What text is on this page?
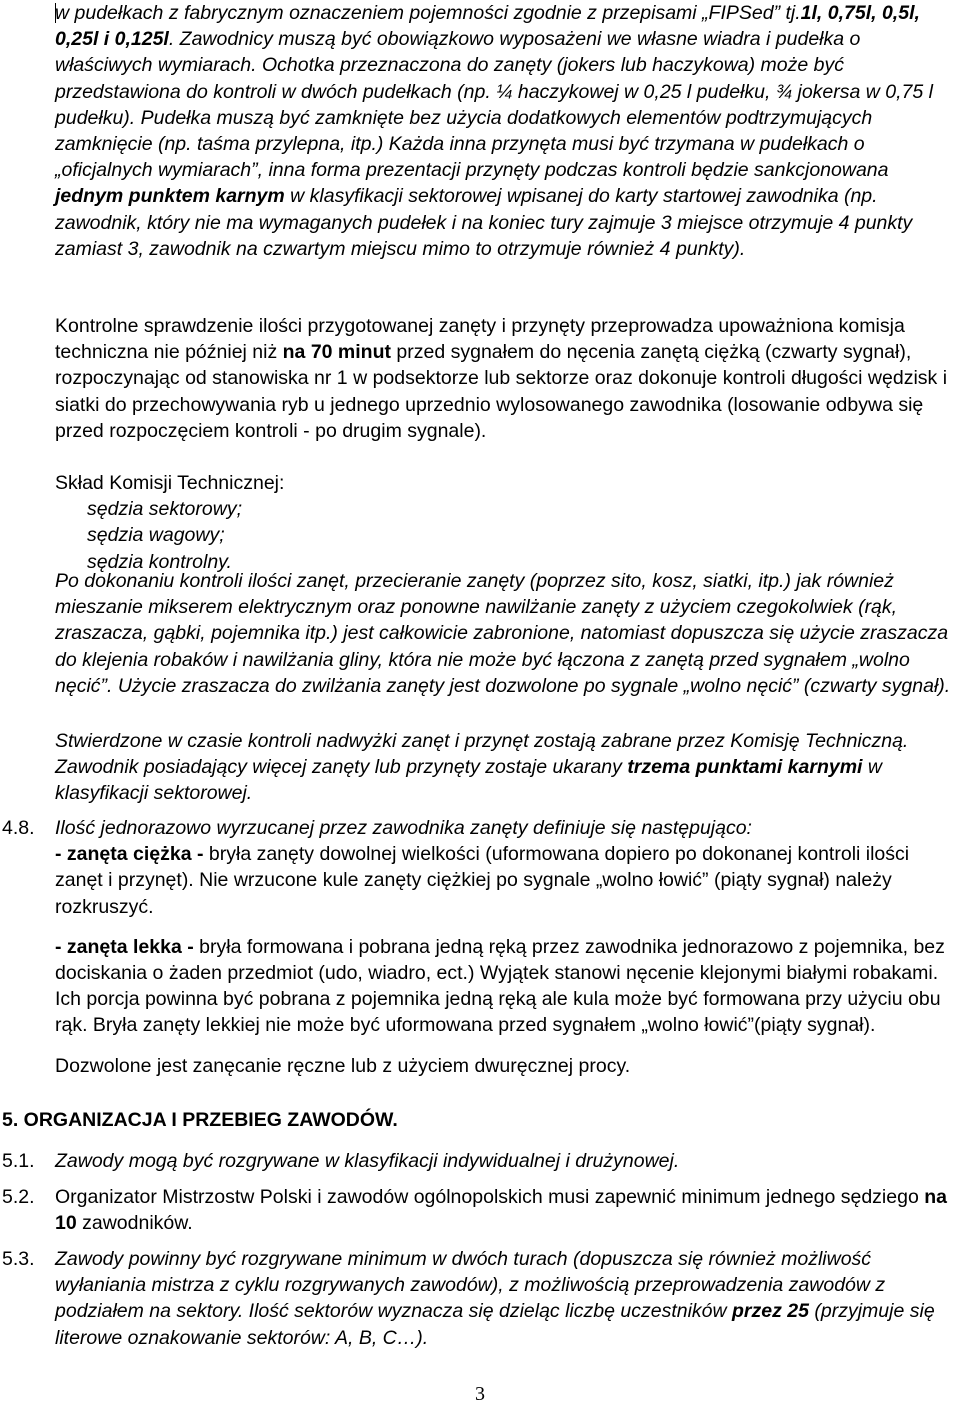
w pudełkach z fabrycznym oznaczeniem pojemności zgodnie z przepisami „FIPSed” tj.1l, 0,75l, 0,5l, 0,25l i 0,125l. Zawodnicy muszą być obowiązkowo wyposażeni we własne wiadra i pudełka o właściwych wymiarach. Ochotka przeznaczona do zanęty (jokers lub haczykowa) może być przedstawiona do kontroli w dwóch pudełkach (np. ¼ haczykowej w 0,25 l pudełku, ¾ jokersa w 0,75 l pudełku). Pudełka muszą być zamknięte bez użycia dodatkowych elementów podtrzymujących zamknięcie (np. taśma przylepna, itp.) Każda inna przynęta musi być trzymana w pudełkach o „oficjalnych wymiarach”, inna forma prezentacji przynęty podczas kontroli będzie sankcjonowana jednym punktem karnym w klasyfikacji sektorowej wpisanej do karty startowej zawodnika (np. zawodnik, który nie ma wymaganych pudełek i na koniec tury zajmuje 3 miejsce otrzymuje 4 punkty zamiast 3, zawodnik na czwartym miejscu mimo to otrzymuje również 4 punkty).
Kontrolne sprawdzenie ilości przygotowanej zanęty i przynęty przeprowadza upoważniona komisja techniczna nie później niż na 70 minut przed sygnałem do nęcenia zanętą ciężką (czwarty sygnał), rozpoczynając od stanowiska nr 1 w podsektorze lub sektorze oraz dokonuje kontroli długości wędzisk i siatki do przechowywania ryb u jednego uprzednio wylosowanego zawodnika (losowanie odbywa się przed rozpoczęciem kontroli - po drugim sygnale).
Skład Komisji Technicznej:
sędzia sektorowy;
sędzia wagowy;
sędzia kontrolny.
Po dokonaniu kontroli ilości zanęt, przecieranie zanęty (poprzez sito, kosz, siatki, itp.) jak również mieszanie mikserem elektrycznym oraz ponowne nawilżanie zanęty z użyciem czegokolwiek (rąk, zraszacza, gąbki, pojemnika itp.) jest całkowicie zabronione, natomiast dopuszcza się użycie zraszacza do klejenia robaków i nawilżania gliny, która nie może być łączona z zanętą przed sygnałem „wolno nęcić”. Użycie zraszacza do zwilżania zanęty jest dozwolone po sygnale „wolno nęcić” (czwarty sygnał).
Stwierdzone w czasie kontroli nadwyżki zanęt i przynęt zostają zabrane przez Komisję Techniczną. Zawodnik posiadający więcej zanęty lub przynęty zostaje ukarany trzema punktami karnymi w klasyfikacji sektorowej.
4.8. Ilość jednorazowo wyrzucanej przez zawodnika zanęty definiuje się następująco:
- zanęta ciężka - bryła zanęty dowolnej wielkości (uformowana dopiero po dokonanej kontroli ilości zanęt i przynęt). Nie wrzucone kule zanęty ciężkiej po sygnale „wolno łowić” (piąty sygnał) należy rozkruszyć.
- zanęta lekka - bryła formowana i pobrana jedną ręką przez zawodnika jednorazowo z pojemnika, bez dociskania o żaden przedmiot (udo, wiadro, ect.) Wyjątek stanowi nęcenie klejonymi białymi robakami. Ich porcja powinna być pobrana z pojemnika jedną ręką ale kula może być formowana przy użyciu obu rąk. Bryła zanęty lekkiej nie może być uformowana przed sygnałem „wolno łowić”(piąty sygnał).
Dozwolone jest zanęcanie ręczne lub z użyciem dwuręcznej procy.
5. ORGANIZACJA I PRZEBIEG ZAWODÓW.
5.1. Zawody mogą być rozgrywane w klasyfikacji indywidualnej i drużynowej.
5.2. Organizator Mistrzostw Polski i zawodów ogólnopolskich musi zapewnić minimum jednego sędziego na 10 zawodników.
5.3. Zawody powinny być rozgrywane minimum w dwóch turach (dopuszcza się również możliwość wyłaniania mistrza z cyklu rozgrywanych zawodów), z możliwością przeprowadzenia zawodów z podziałem na sektory. Ilość sektorów wyznacza się dzieląc liczbę uczestników przez 25 (przyjmuje się literowe oznakowanie sektorów: A, B, C…).
3
